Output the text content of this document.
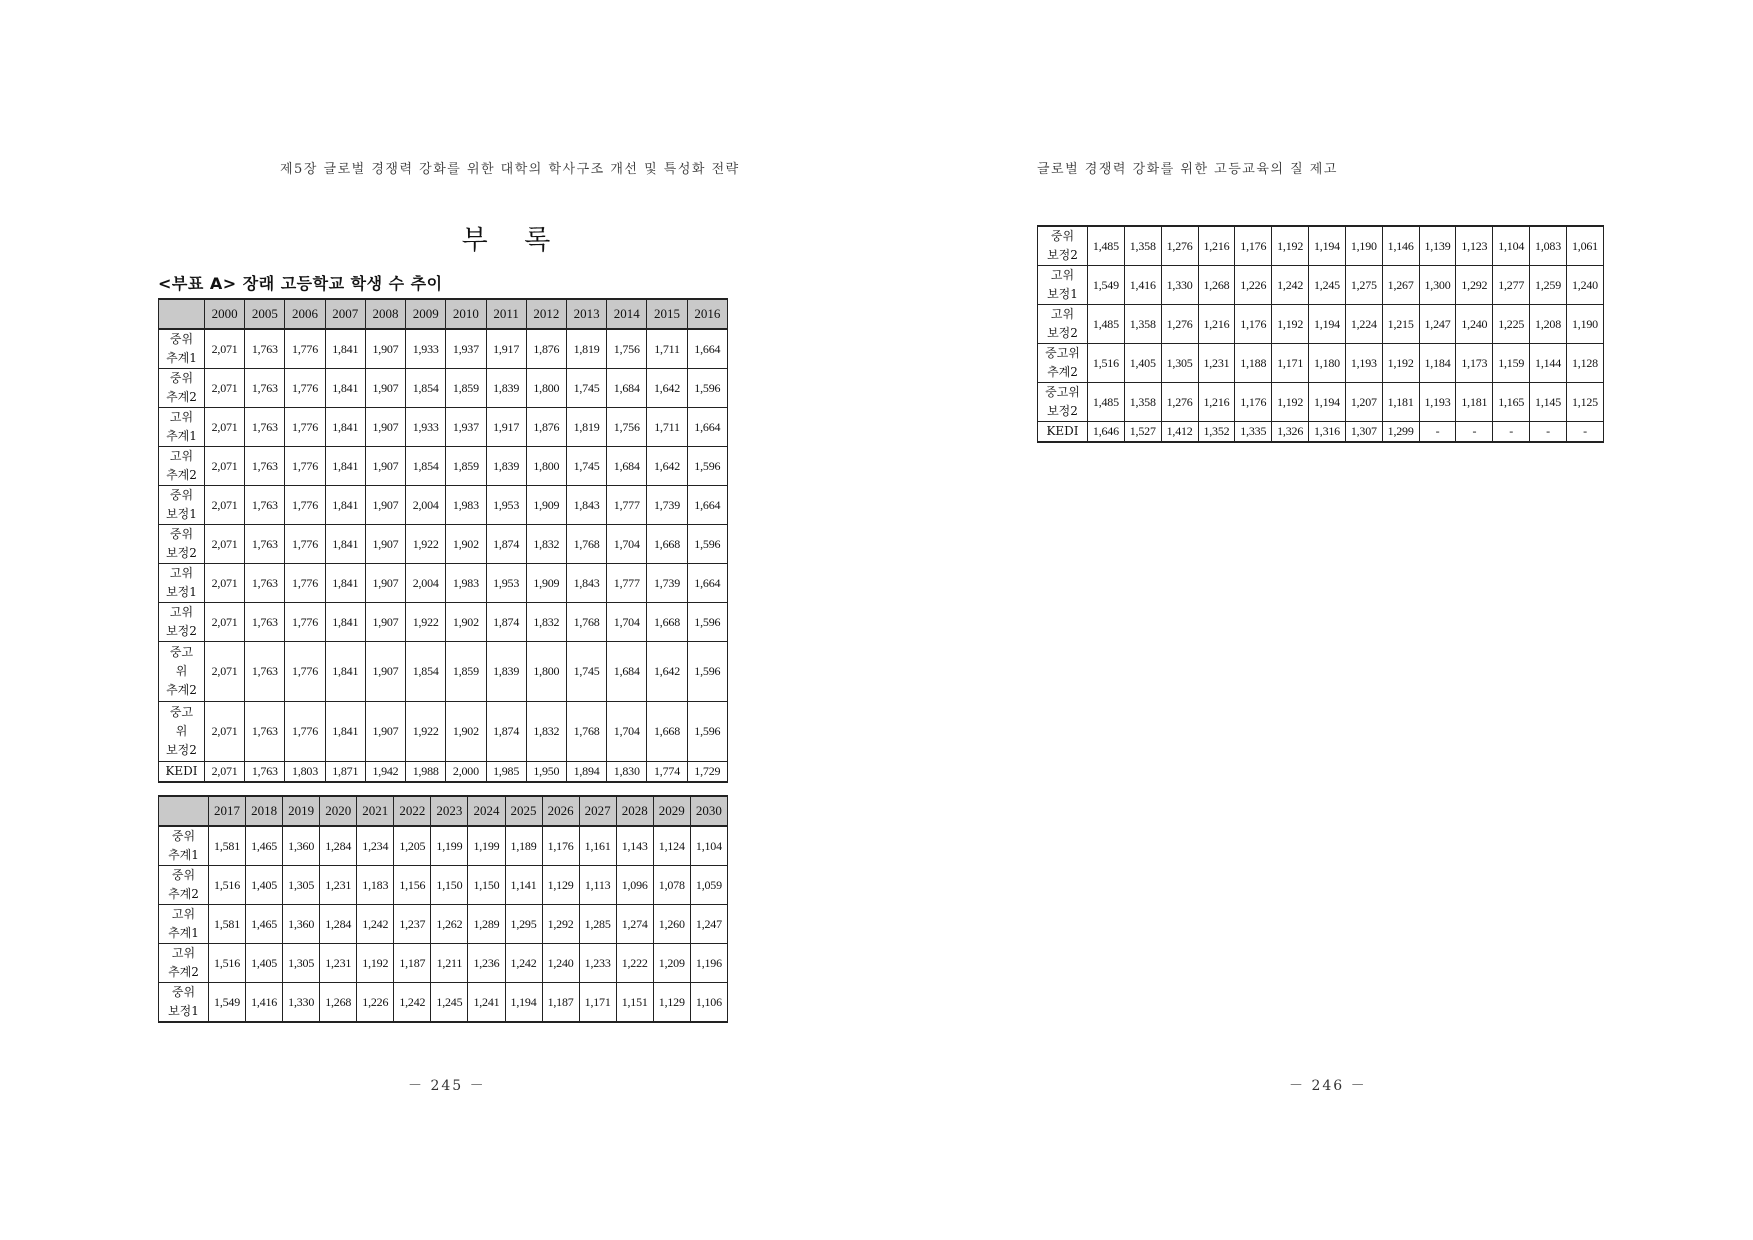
제5장 글로벌 경쟁력 강화를 위한 대학의 학사구조 개선 및 특성화 전략
부 록
<부표 A> 장래 고등학교 학생 수 추이
	2000	2005	2006	2007	2008	2009	2010	2011	2012	2013	2014	2015	2016
중위
추계1	2,071	1,763	1,776	1,841	1,907	1,933	1,937	1,917	1,876	1,819	1,756	1,711	1,664
중위
추계2	2,071	1,763	1,776	1,841	1,907	1,854	1,859	1,839	1,800	1,745	1,684	1,642	1,596
고위
추계1	2,071	1,763	1,776	1,841	1,907	1,933	1,937	1,917	1,876	1,819	1,756	1,711	1,664
고위
추계2	2,071	1,763	1,776	1,841	1,907	1,854	1,859	1,839	1,800	1,745	1,684	1,642	1,596
중위
보정1	2,071	1,763	1,776	1,841	1,907	2,004	1,983	1,953	1,909	1,843	1,777	1,739	1,664
중위
보정2	2,071	1,763	1,776	1,841	1,907	1,922	1,902	1,874	1,832	1,768	1,704	1,668	1,596
고위
보정1	2,071	1,763	1,776	1,841	1,907	2,004	1,983	1,953	1,909	1,843	1,777	1,739	1,664
고위
보정2	2,071	1,763	1,776	1,841	1,907	1,922	1,902	1,874	1,832	1,768	1,704	1,668	1,596
중고
위
추계2	2,071	1,763	1,776	1,841	1,907	1,854	1,859	1,839	1,800	1,745	1,684	1,642	1,596
중고
위
보정2	2,071	1,763	1,776	1,841	1,907	1,922	1,902	1,874	1,832	1,768	1,704	1,668	1,596
KEDI	2,071	1,763	1,803	1,871	1,942	1,988	2,000	1,985	1,950	1,894	1,830	1,774	1,729
	2017	2018	2019	2020	2021	2022	2023	2024	2025	2026	2027	2028	2029	2030
중위
추계1	1,581	1,465	1,360	1,284	1,234	1,205	1,199	1,199	1,189	1,176	1,161	1,143	1,124	1,104
중위
추계2	1,516	1,405	1,305	1,231	1,183	1,156	1,150	1,150	1,141	1,129	1,113	1,096	1,078	1,059
고위
추계1	1,581	1,465	1,360	1,284	1,242	1,237	1,262	1,289	1,295	1,292	1,285	1,274	1,260	1,247
고위
추계2	1,516	1,405	1,305	1,231	1,192	1,187	1,211	1,236	1,242	1,240	1,233	1,222	1,209	1,196
중위
보정1	1,549	1,416	1,330	1,268	1,226	1,242	1,245	1,241	1,194	1,187	1,171	1,151	1,129	1,106
－ 245 －
글로벌 경쟁력 강화를 위한 고등교육의 질 제고
중위
보정2	1,485	1,358	1,276	1,216	1,176	1,192	1,194	1,190	1,146	1,139	1,123	1,104	1,083	1,061
고위
보정1	1,549	1,416	1,330	1,268	1,226	1,242	1,245	1,275	1,267	1,300	1,292	1,277	1,259	1,240
고위
보정2	1,485	1,358	1,276	1,216	1,176	1,192	1,194	1,224	1,215	1,247	1,240	1,225	1,208	1,190
중고위
추계2	1,516	1,405	1,305	1,231	1,188	1,171	1,180	1,193	1,192	1,184	1,173	1,159	1,144	1,128
중고위
보정2	1,485	1,358	1,276	1,216	1,176	1,192	1,194	1,207	1,181	1,193	1,181	1,165	1,145	1,125
KEDI	1,646	1,527	1,412	1,352	1,335	1,326	1,316	1,307	1,299	-	-	-	-	-
－ 246 －
